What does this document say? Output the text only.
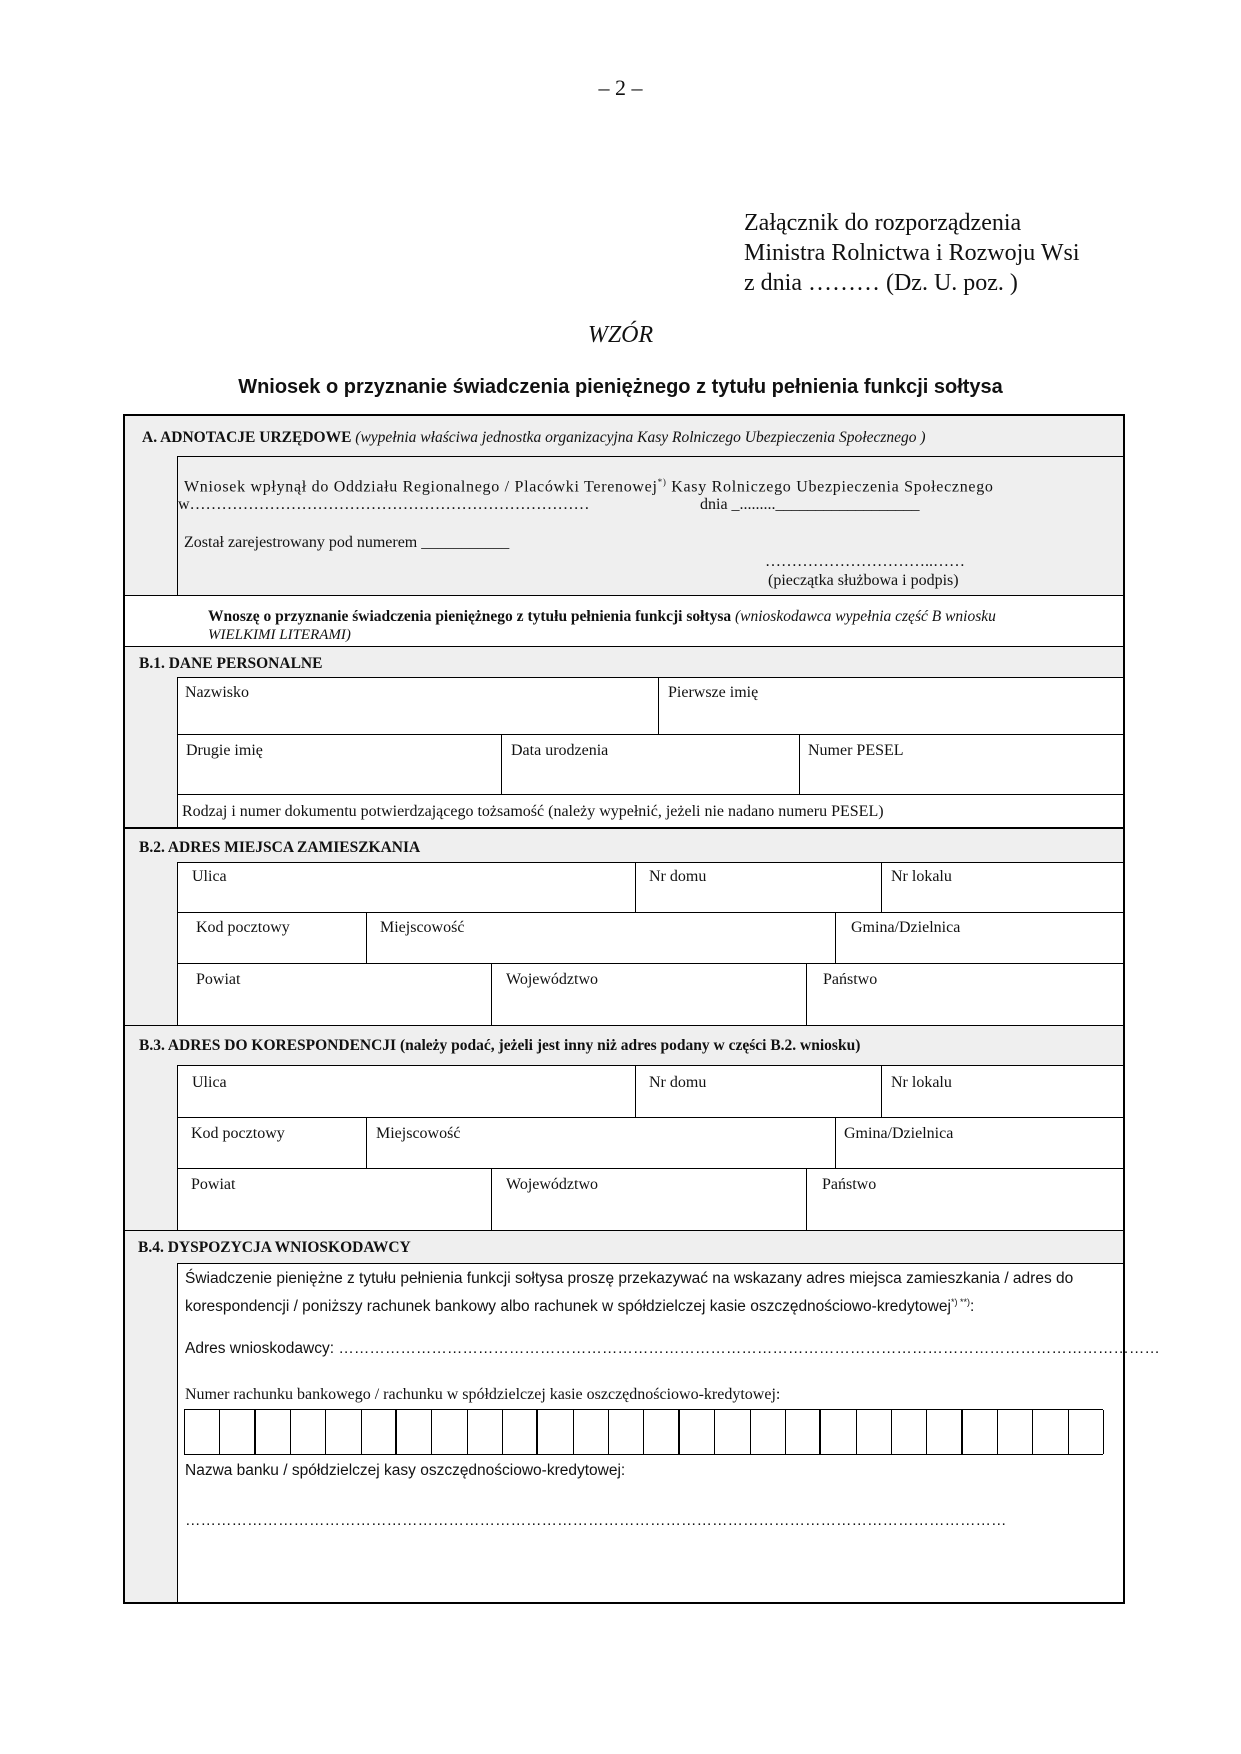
– 2 –
Załącznik do rozporządzenia
Ministra Rolnictwa i Rozwoju Wsi
z dnia ……… (Dz. U. poz. )
WZÓR
Wniosek o przyznanie świadczenia pieniężnego z tytułu pełnienia funkcji sołtysa
A. ADNOTACJE URZĘDOWE (wypełnia właściwa jednostka organizacyjna Kasy Rolniczego Ubezpieczenia Społecznego )
Wniosek wpłynął do Oddziału Regionalnego / Placówki Terenowej*) Kasy Rolniczego Ubezpieczenia Społecznego
w…………………………………………………………………	dnia _.........__________________
Został zarejestrowany pod numerem ___________
…………………………..……
(pieczątka służbowa i podpis)
Wnoszę o przyznanie świadczenia pieniężnego z tytułu pełnienia funkcji sołtysa (wnioskodawca wypełnia część B wniosku
WIELKIMI LITERAMI)
B.1. DANE PERSONALNE
Nazwisko	Pierwsze imię
Drugie imię	Data urodzenia	Numer PESEL
Rodzaj i numer dokumentu potwierdzającego tożsamość (należy wypełnić, jeżeli nie nadano numeru PESEL)
B.2. ADRES MIEJSCA ZAMIESZKANIA
Ulica	Nr domu	Nr lokalu
Kod pocztowy	Miejscowość	Gmina/Dzielnica
Powiat	Województwo	Państwo
B.3. ADRES DO KORESPONDENCJI (należy podać, jeżeli jest inny niż adres podany w części B.2. wniosku)
Ulica	Nr domu	Nr lokalu
Kod pocztowy	Miejscowość	Gmina/Dzielnica
Powiat	Województwo	Państwo
B.4. DYSPOZYCJA WNIOSKODAWCY
Świadczenie pieniężne z tytułu pełnienia funkcji sołtysa proszę przekazywać na wskazany adres miejsca zamieszkania / adres do
korespondencji / poniższy rachunek bankowy albo rachunek w spółdzielczej kasie oszczędnościowo-kredytowej*) **):
Adres wnioskodawcy: ……………………………………………………………………………………………………………………………………………
Numer rachunku bankowego / rachunku w spółdzielczej kasie oszczędnościowo-kredytowej:
Nazwa banku / spółdzielczej kasy oszczędnościowo-kredytowej:
……………………………………………………………………………………………………………………………………………
